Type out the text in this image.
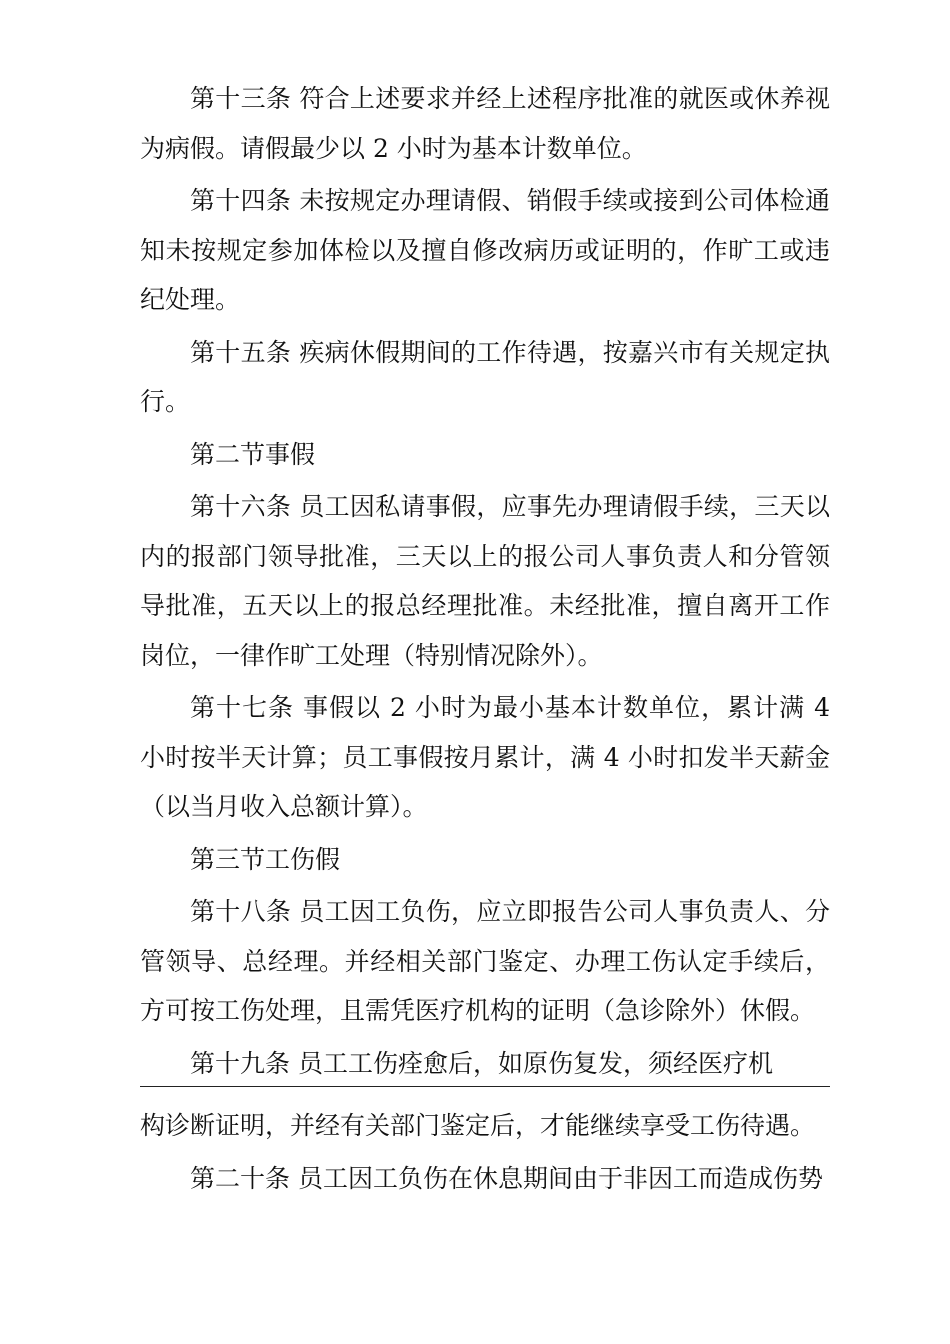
第十三条 符合上述要求并经上述程序批准的就医或休养视为病假。请假最少以 2 小时为基本计数单位。

第十四条 未按规定办理请假、销假手续或接到公司体检通知未按规定参加体检以及擅自修改病历或证明的，作旷工或违纪处理。

第十五条 疾病休假期间的工作待遇，按嘉兴市有关规定执行。

第二节事假

第十六条 员工因私请事假，应事先办理请假手续，三天以内的报部门领导批准，三天以上的报公司人事负责人和分管领导批准，五天以上的报总经理批准。未经批准，擅自离开工作岗位，一律作旷工处理（特别情况除外）。

第十七条 事假以 2 小时为最小基本计数单位，累计满 4 小时按半天计算；员工事假按月累计，满 4 小时扣发半天薪金（以当月收入总额计算）。

第三节工伤假

第十八条 员工因工负伤，应立即报告公司人事负责人、分管领导、总经理。并经相关部门鉴定、办理工伤认定手续后，方可按工伤处理，且需凭医疗机构的证明（急诊除外）休假。

第十九条 员工工伤痊愈后，如原伤复发，须经医疗机

构诊断证明，并经有关部门鉴定后，才能继续享受工伤待遇。

第二十条 员工因工负伤在休息期间由于非因工而造成伤势
